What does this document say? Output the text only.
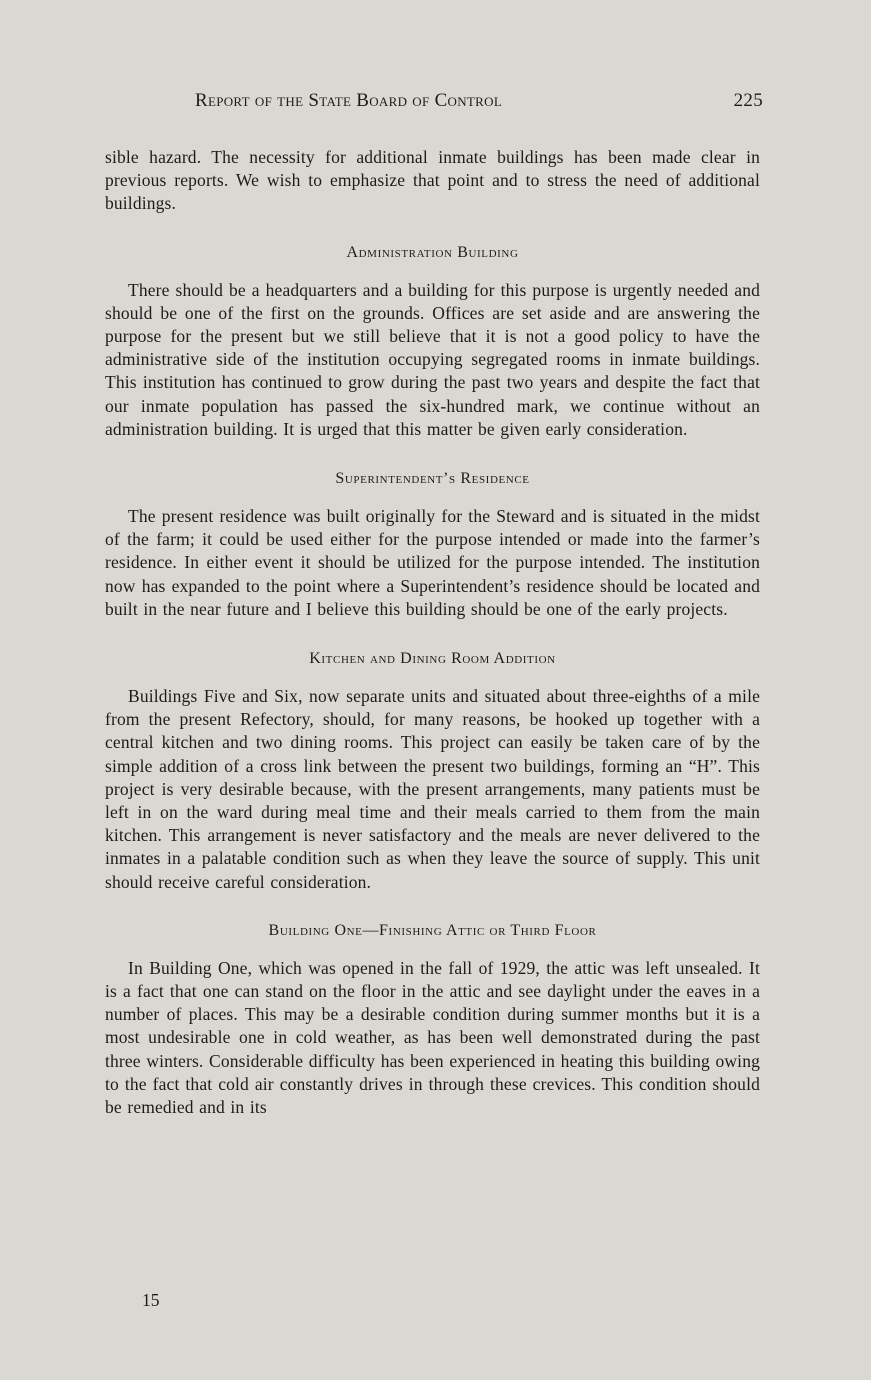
Report of the State Board of Control	225

sible hazard. The necessity for additional inmate buildings has been made clear in previous reports. We wish to emphasize that point and to stress the need of additional buildings.

Administration Building

There should be a headquarters and a building for this purpose is urgently needed and should be one of the first on the grounds. Offices are set aside and are answering the purpose for the present but we still believe that it is not a good policy to have the administrative side of the institution occupying segregated rooms in inmate buildings. This institution has continued to grow during the past two years and despite the fact that our inmate population has passed the six-hundred mark, we continue without an administration building. It is urged that this matter be given early consideration.

Superintendent’s Residence

The present residence was built originally for the Steward and is situated in the midst of the farm; it could be used either for the purpose intended or made into the farmer’s residence. In either event it should be utilized for the purpose intended. The institution now has expanded to the point where a Superintendent’s residence should be located and built in the near future and I believe this building should be one of the early projects.

Kitchen and Dining Room Addition

Buildings Five and Six, now separate units and situated about three-eighths of a mile from the present Refectory, should, for many reasons, be hooked up together with a central kitchen and two dining rooms. This project can easily be taken care of by the simple addition of a cross link between the present two buildings, forming an “H”. This project is very desirable because, with the present arrangements, many patients must be left in on the ward during meal time and their meals carried to them from the main kitchen. This arrangement is never satisfactory and the meals are never delivered to the inmates in a palatable condition such as when they leave the source of supply. This unit should receive careful consideration.

Building One—Finishing Attic or Third Floor

In Building One, which was opened in the fall of 1929, the attic was left unsealed. It is a fact that one can stand on the floor in the attic and see daylight under the eaves in a number of places. This may be a desirable condition during summer months but it is a most undesirable one in cold weather, as has been well demonstrated during the past three winters. Considerable difficulty has been experienced in heating this building owing to the fact that cold air constantly drives in through these crevices. This condition should be remedied and in its

15
